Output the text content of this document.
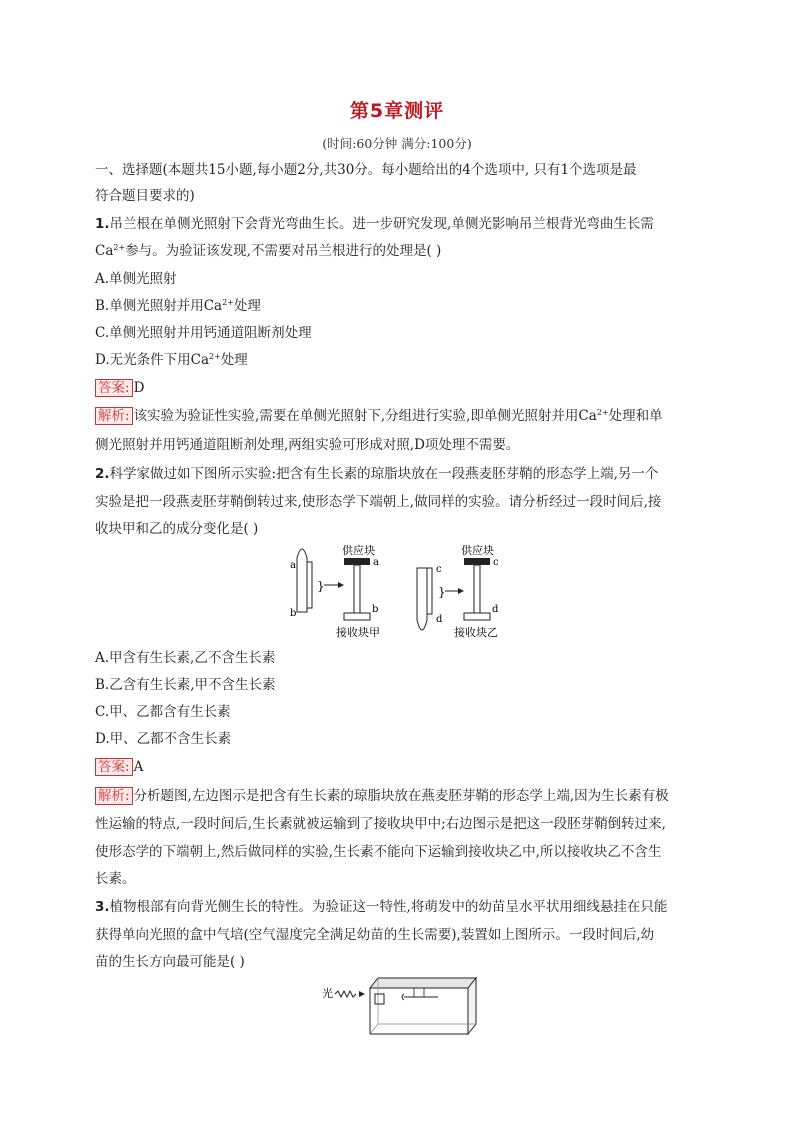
第5章测评
(时间:60分钟 满分:100分)
一、选择题(本题共15小题,每小题2分,共30分。每小题给出的4个选项中, 只有1个选项是最
符合题目要求的)
1.吊兰根在单侧光照射下会背光弯曲生长。进一步研究发现,单侧光影响吊兰根背光弯曲生长需
$Ca^{2+}$参与。为验证该发现,不需要对吊兰根进行的处理是( )
A.单侧光照射
B.单侧光照射并用$Ca^{2+}$处理
C.单侧光照射并用钙通道阻断剂处理
D.无光条件下用$Ca^{2+}$处理
答案: D
解析: 该实验为验证性实验,需要在单侧光照射下,分组进行实验,即单侧光照射并用$Ca^{2+}$处理和单
侧光照射并用钙通道阻断剂处理,两组实验可形成对照,D项处理不需要。
2.科学家做过如下图所示实验:把含有生长素的琼脂块放在一段燕麦胚芽鞘的形态学上端,另一个
实验是把一段燕麦胚芽鞘倒转过来,使形态学下端朝上,做同样的实验。请分析经过一段时间后,接
收块甲和乙的成分变化是( )
a
b
}
供应块
a
b
接收块甲
c
d
}
供应块
c
d
接收块乙
A.甲含有生长素,乙不含生长素
B.乙含有生长素,甲不含生长素
C.甲、乙都含有生长素
D.甲、乙都不含生长素
答案: A
解析: 分析题图,左边图示是把含有生长素的琼脂块放在燕麦胚芽鞘的形态学上端,因为生长素有极
性运输的特点,一段时间后,生长素就被运输到了接收块甲中;右边图示是把这一段胚芽鞘倒转过来,
使形态学的下端朝上,然后做同样的实验,生长素不能向下运输到接收块乙中,所以接收块乙不含生
长素。
3.植物根部有向背光侧生长的特性。为验证这一特性,将萌发中的幼苗呈水平状用细线悬挂在只能
获得单向光照的盒中气培(空气湿度完全满足幼苗的生长需要),装置如上图所示。一段时间后,幼
苗的生长方向最可能是( )
光
